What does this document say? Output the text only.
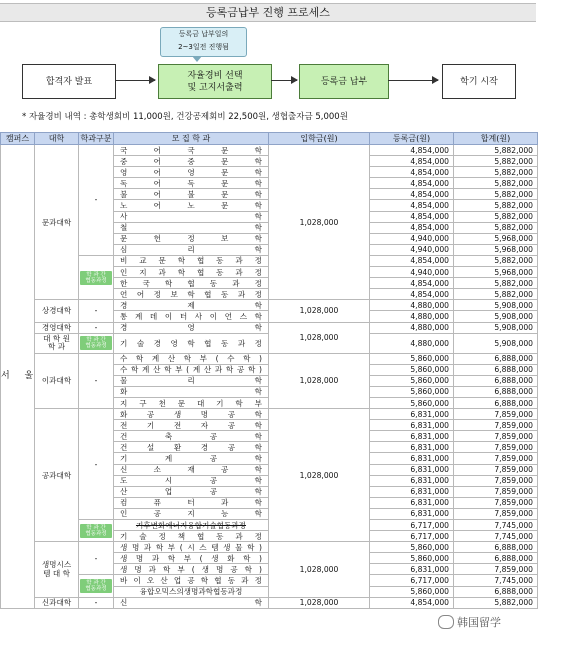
등록금납부 진행 프로세스
등록금 납부일의
2~3일전 진행됨
합격자 발표
자율경비 선택
및 고지서출력
등록금 납부	학기 시작
* 자율경비 내역 : 총학생회비 11,000원, 건강공제회비 22,500원, 생협출자금 5,000원
캠퍼스	대학	학과구분	모 집 학 과	입학금(원)	등록금(원)	합계(원)
서 울	문과대학	-	국 어 국 문 학	1,028,000	4,854,000	5,882,000
			중 어 중 문 학		4,854,000	5,882,000
			영 어 영 문 학		4,854,000	5,882,000
			독 어 독 문 학		4,854,000	5,882,000
			불 어 불 문 학		4,854,000	5,882,000
			노 어 노 문 학		4,854,000	5,882,000
			사 학		4,854,000	5,882,000
			철 학		4,854,000	5,882,000
			문 헌 정 보 학		4,940,000	5,968,000
			심 리 학		4,940,000	5,968,000
		학 과 간
협동과정	비 교 문 학 협 동 과 정		4,854,000	5,882,000
			인 지 과 학 협 동 과 정		4,940,000	5,968,000
			한 국 학 협 동 과 정		4,854,000	5,882,000
			언 어 정 보 학 협 동 과 정		4,854,000	5,882,000
	상경대학	-	경 제 학	1,028,000	4,880,000	5,908,000
			통 계 데 이 터 사 이 언 스 학		4,880,000	5,908,000
	경영대학	-	경 영 학	1,028,000	4,880,000	5,908,000
	대 학 원
학 과	학 과 간
협동과정	기 술 경 영 학 협 동 과 정		4,880,000	5,908,000
	이과대학	-	수 학 계 산 학 부 ( 수 학 )	1,028,000	5,860,000	6,888,000
			수 학 계 산 학 부 ( 계 산 과 학 공 학 )		5,860,000	6,888,000
			물 리 학		5,860,000	6,888,000
			화 학		5,860,000	6,888,000
			지 구 천 문 대 기 학 부		5,860,000	6,888,000
	공과대학	-	화 공 생 명 공 학	1,028,000	6,831,000	7,859,000
			전 기 전 자 공 학		6,831,000	7,859,000
			건 축 공 학		6,831,000	7,859,000
			건 설 환 경 공 학		6,831,000	7,859,000
			기 계 공 학		6,831,000	7,859,000
			신 소 재 공 학		6,831,000	7,859,000
			도 시 공 학		6,831,000	7,859,000
			산 업 공 학		6,831,000	7,859,000
			컴 퓨 터 과 학		6,831,000	7,859,000
			인 공 지 능 학		6,831,000	7,859,000
		학 과 간
협동과정	기후변화에너지융합기술협동과정		6,717,000	7,745,000
			기 술 정 책 협 동 과 정		6,717,000	7,745,000
	생명시스
템 대 학	-	생 명 과 학 부 ( 시 스 템 생 물 학 )	1,028,000	5,860,000	6,888,000
			생 명 과 학 부 ( 생 화 학 )		5,860,000	6,888,000
			생 명 과 학 부 ( 생 명 공 학 )		6,831,000	7,859,000
		학 과 간
협동과정	바 이 오 산 업 공 학 협 동 과 정		6,717,000	7,745,000
			융합오믹스의생명과학협동과정		5,860,000	6,888,000
	신과대학	-	신 학	1,028,000	4,854,000	5,882,000
韩国留学
